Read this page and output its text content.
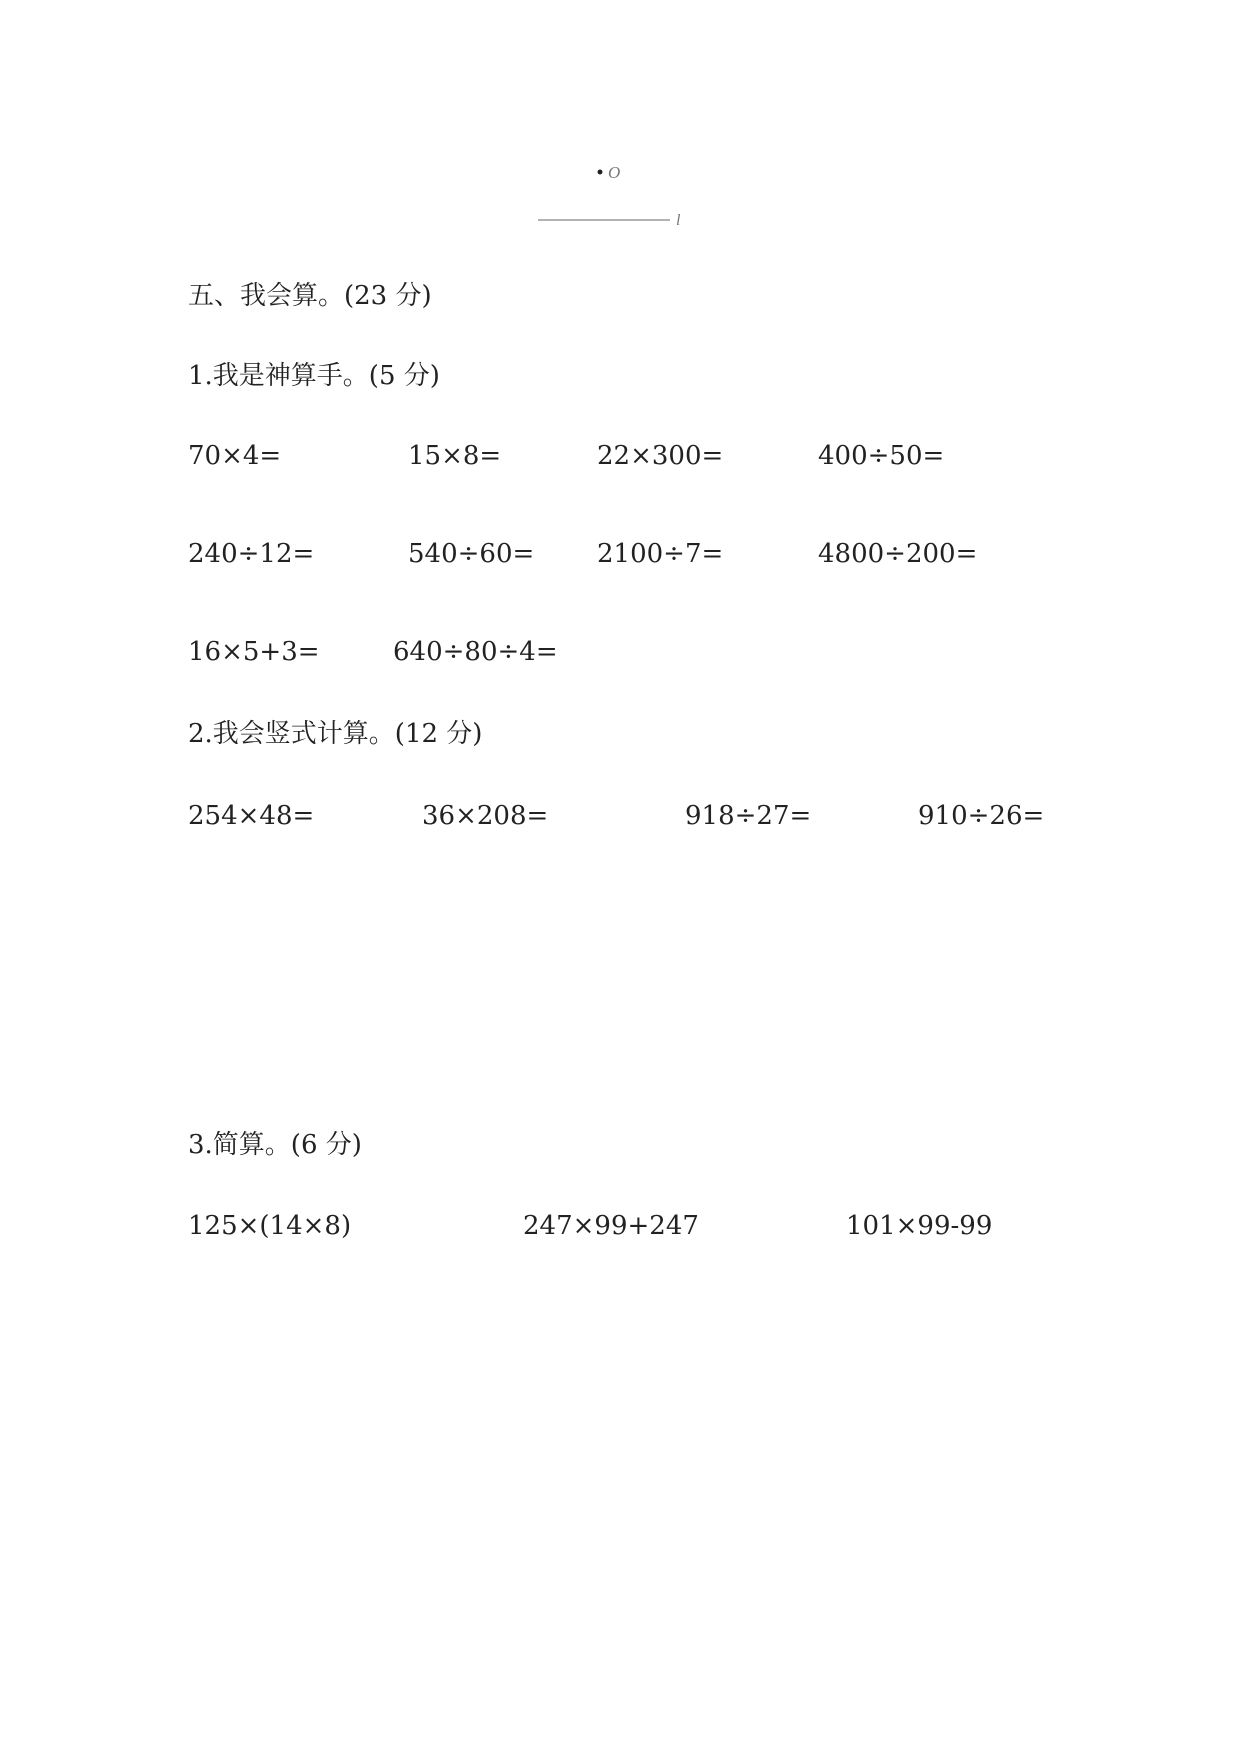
O
l
五、我会算。(23 分)
1.我是神算手。(5 分)
70×4=	15×8=	22×300=	400÷50=
240÷12=	540÷60= 2100÷7=	4800÷200=
16×5+3=	640÷80÷4=
2.我会竖式计算。(12 分)
254×48=	36×208=	918÷27=	910÷26=
3.简算。(6 分)
125×(14×8)	247×99+247	101×99-99
